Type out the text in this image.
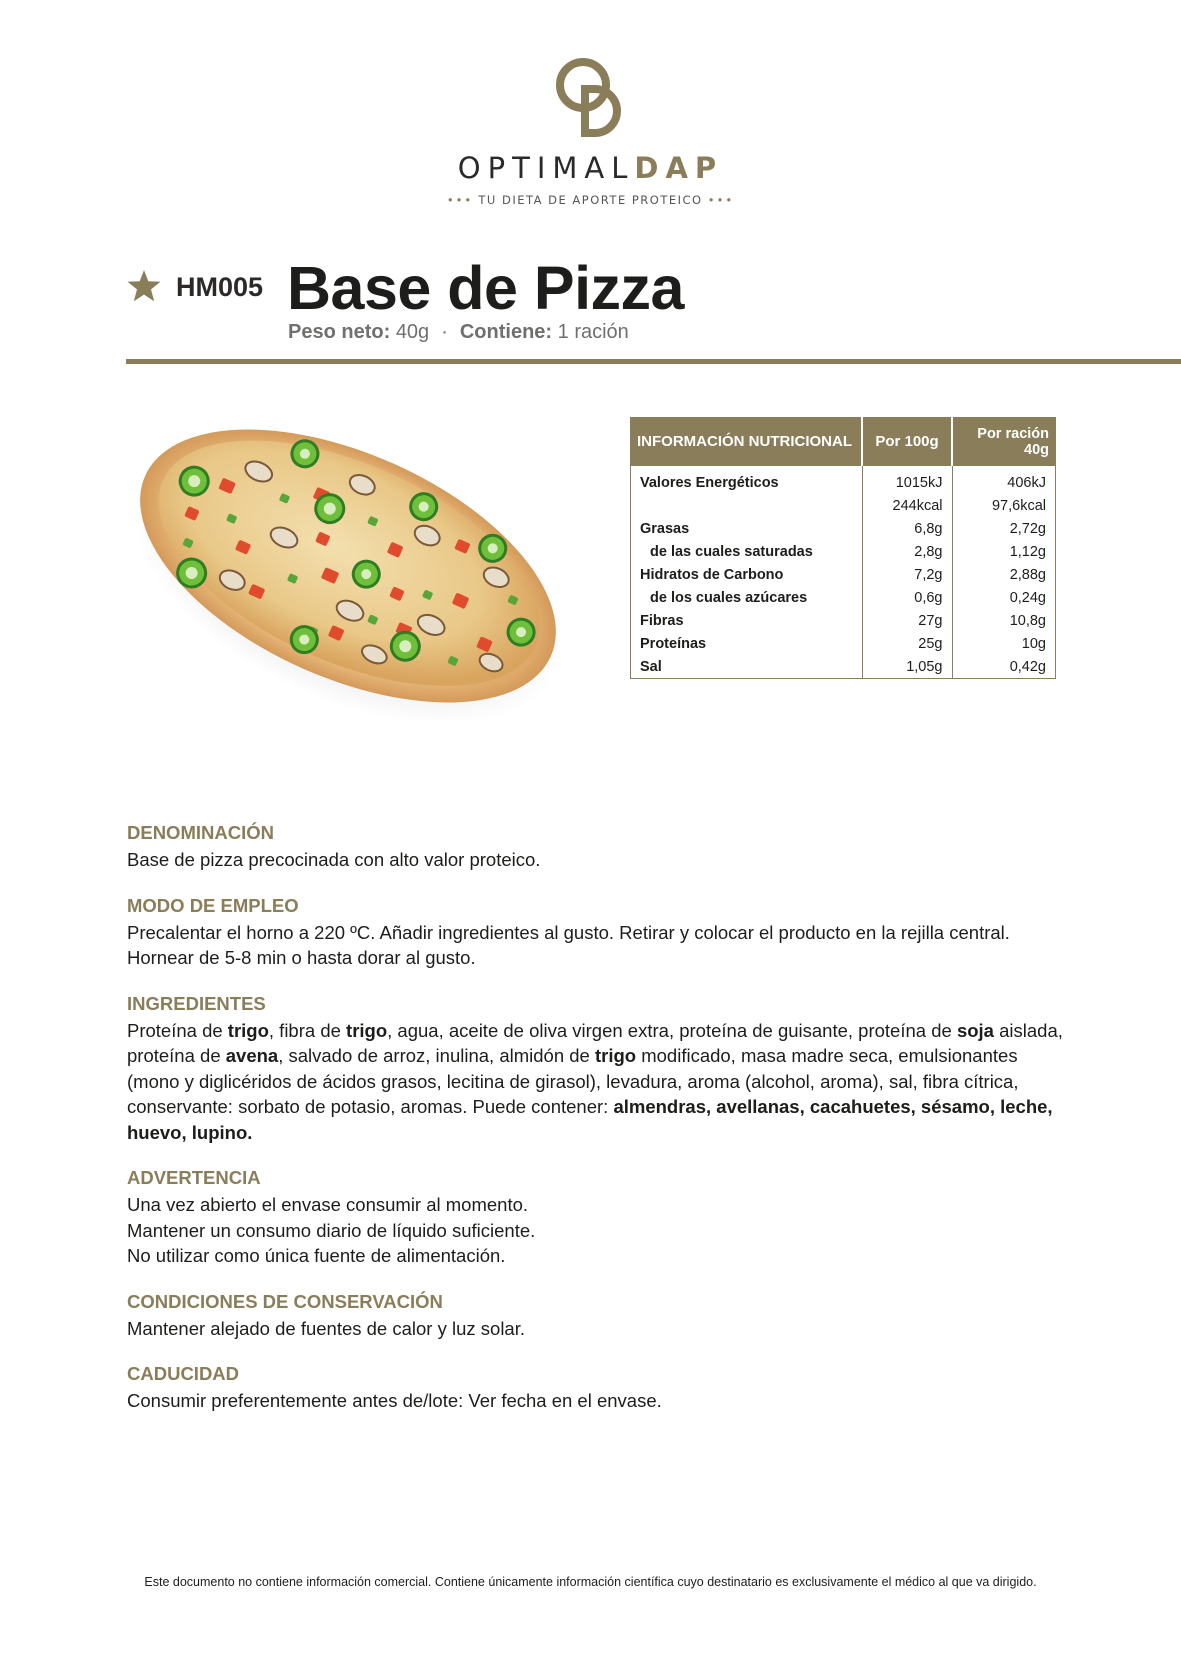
OPTIMALDAP
••• TU DIETA DE APORTE PROTEICO •••
HM005 Base de Pizza
Peso neto: 40g · Contiene: 1 ración
INFORMACIÓN NUTRICIONAL	Por 100g	Por ración
40g
Valores Energéticos	1015kJ	406kJ
	244kcal	97,6kcal
Grasas	6,8g	2,72g
de las cuales saturadas	2,8g	1,12g
Hidratos de Carbono	7,2g	2,88g
de los cuales azúcares	0,6g	0,24g
Fibras	27g	10,8g
Proteínas	25g	10g
Sal	1,05g	0,42g
DENOMINACIÓN

Base de pizza precocinada con alto valor proteico.

MODO DE EMPLEO

Precalentar el horno a 220 ºC. Añadir ingredientes al gusto. Retirar y colocar el producto en la rejilla central. Hornear de 5-8 min o hasta dorar al gusto.

INGREDIENTES

Proteína de trigo, fibra de trigo, agua, aceite de oliva virgen extra, proteína de guisante, proteína de soja aislada, proteína de avena, salvado de arroz, inulina, almidón de trigo modificado, masa madre seca, emulsionantes (mono y diglicéridos de ácidos grasos, lecitina de girasol), levadura, aroma (alcohol, aroma), sal, fibra cítrica, conservante: sorbato de potasio, aromas. Puede contener: almendras, avellanas, cacahuetes, sésamo, leche, huevo, lupino.

ADVERTENCIA

Una vez abierto el envase consumir al momento.
Mantener un consumo diario de líquido suficiente.
No utilizar como única fuente de alimentación.

CONDICIONES DE CONSERVACIÓN

Mantener alejado de fuentes de calor y luz solar.

CADUCIDAD

Consumir preferentemente antes de/lote: Ver fecha en el envase.

Este documento no contiene información comercial. Contiene únicamente información científica cuyo destinatario es exclusivamente el médico al que va dirigido.
